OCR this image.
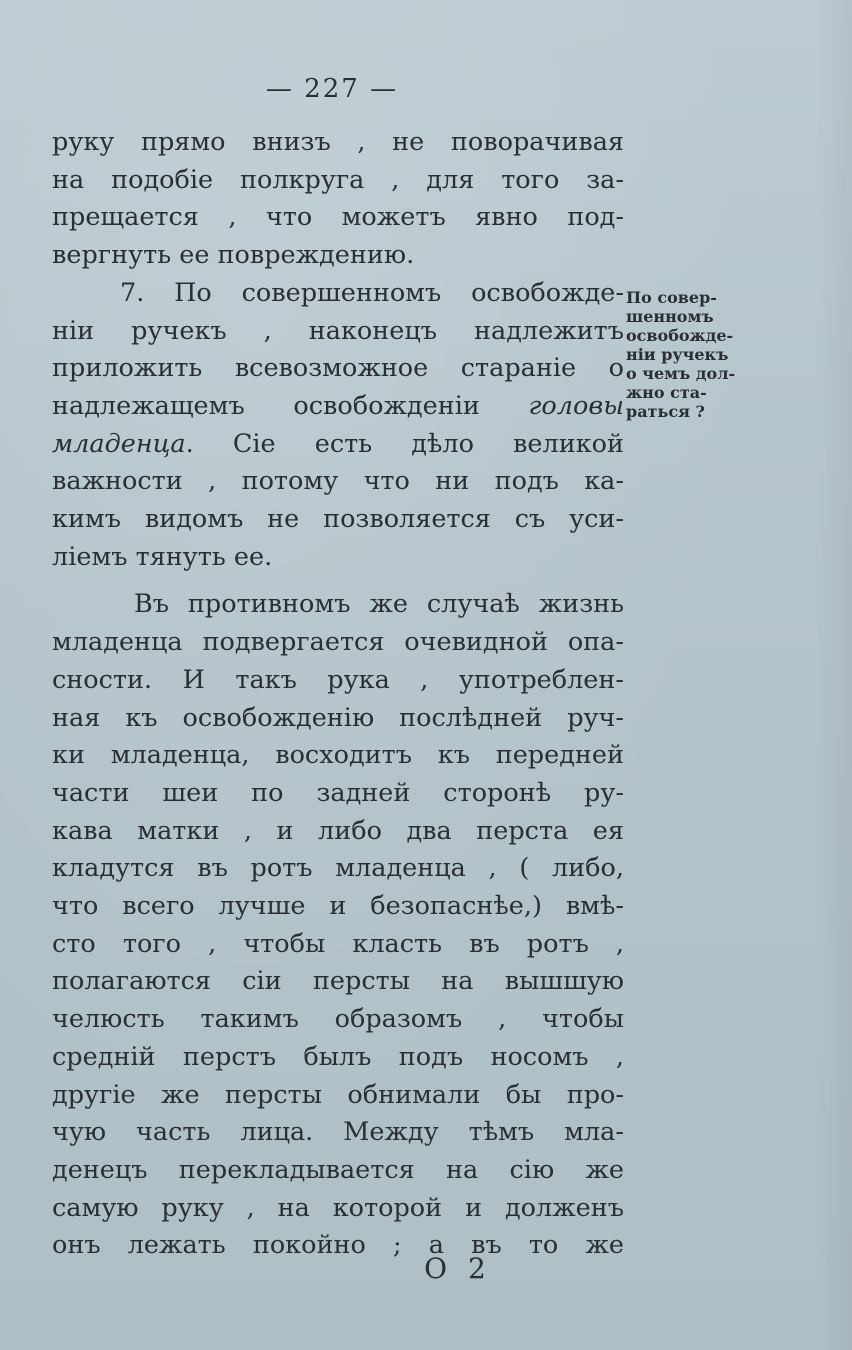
— 227 —
руку прямо внизъ , не поворачивая
на подобіе полкруга , для того за-
прещается , что можетъ явно под-
вергнуть ее повреждению.
7. По совершенномъ освобожде-
ніи ручекъ , наконецъ надлежитъ
приложить всевозможное стараніе о
надлежащемъ освобожденіи головы
младенца. Сіе есть дѣло великой
важности , потому что ни подъ ка-
кимъ видомъ не позволяется съ уси-
ліемъ тянуть ее.
Въ противномъ же случаѣ жизнь
младенца подвергается очевидной опа-
сности. И такъ рука , употреблен-
ная къ освобожденію послѣдней руч-
ки младенца, восходитъ къ передней
части шеи по задней сторонѣ ру-
кава матки , и либо два перста ея
кладутся въ ротъ младенца , ( либо,
что всего лучше и безопаснѣе,) вмѣ-
сто того , чтобы класть въ ротъ ,
полагаются сіи персты на вышшую
челюсть такимъ образомъ , чтобы
средній перстъ былъ подъ носомъ ,
другіе же персты обнимали бы про-
чую часть лица. Между тѣмъ мла-
денецъ перекладывается на сію же
самую руку , на которой и долженъ
онъ лежать покойно ; а въ то же
По совер-
шенномъ
освобожде-
ніи ручекъ
о чемъ дол-
жно ста-
раться ?
O 2
